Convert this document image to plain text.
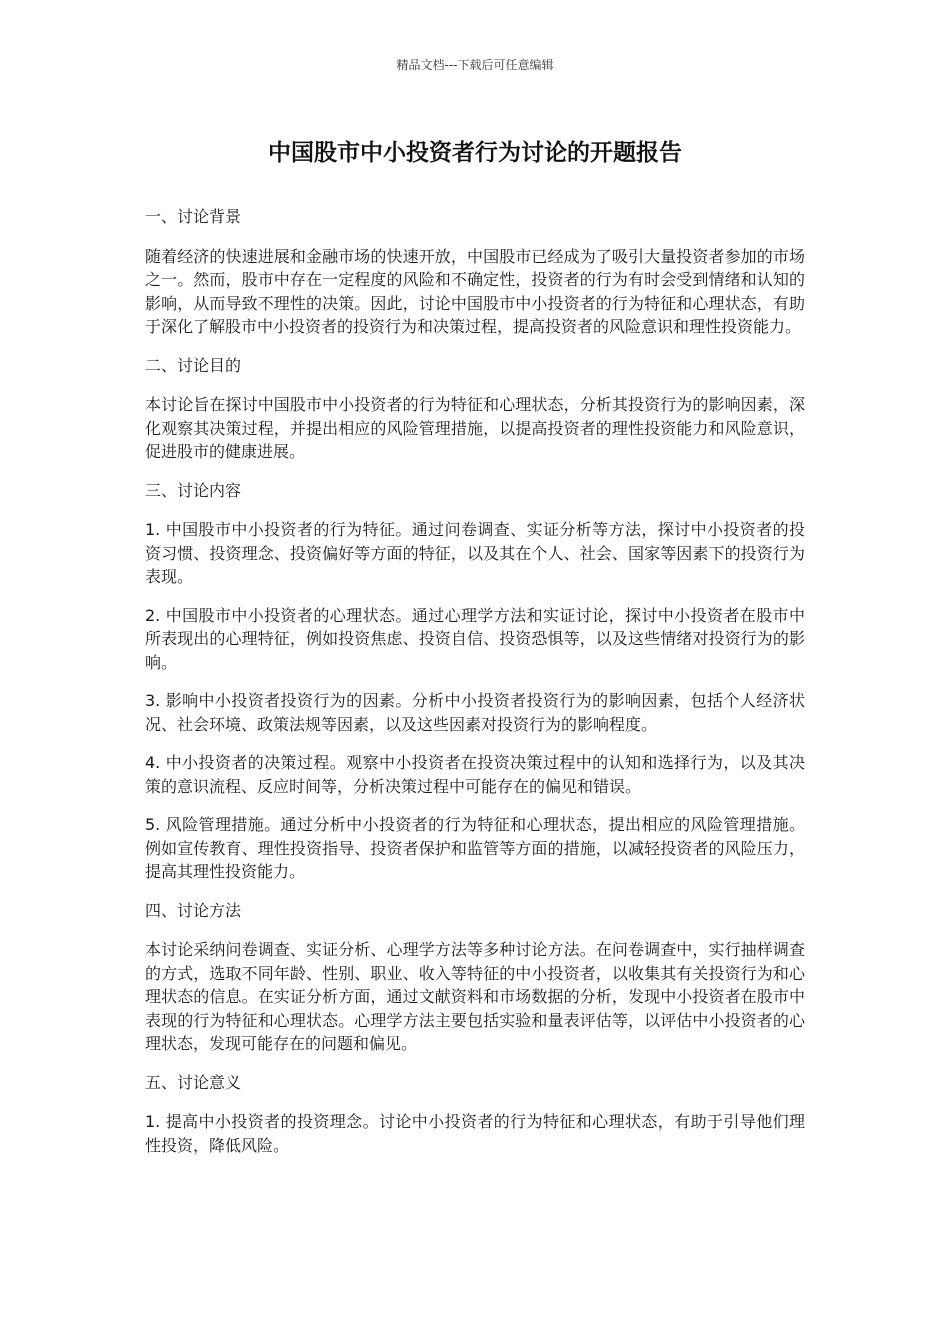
精品文档---下载后可任意编辑
中国股市中小投资者行为讨论的开题报告

一、讨论背景

随着经济的快速进展和金融市场的快速开放，中国股市已经成为了吸引大量投资者参加的市场之一。然而，股市中存在一定程度的风险和不确定性，投资者的行为有时会受到情绪和认知的影响，从而导致不理性的决策。因此，讨论中国股市中小投资者的行为特征和心理状态，有助于深化了解股市中小投资者的投资行为和决策过程，提高投资者的风险意识和理性投资能力。

二、讨论目的

本讨论旨在探讨中国股市中小投资者的行为特征和心理状态，分析其投资行为的影响因素，深化观察其决策过程，并提出相应的风险管理措施，以提高投资者的理性投资能力和风险意识，促进股市的健康进展。

三、讨论内容

1. 中国股市中小投资者的行为特征。通过问卷调查、实证分析等方法，探讨中小投资者的投资习惯、投资理念、投资偏好等方面的特征，以及其在个人、社会、国家等因素下的投资行为表现。

2. 中国股市中小投资者的心理状态。通过心理学方法和实证讨论，探讨中小投资者在股市中所表现出的心理特征，例如投资焦虑、投资自信、投资恐惧等，以及这些情绪对投资行为的影响。

3. 影响中小投资者投资行为的因素。分析中小投资者投资行为的影响因素，包括个人经济状况、社会环境、政策法规等因素，以及这些因素对投资行为的影响程度。

4. 中小投资者的决策过程。观察中小投资者在投资决策过程中的认知和选择行为，以及其决策的意识流程、反应时间等，分析决策过程中可能存在的偏见和错误。

5. 风险管理措施。通过分析中小投资者的行为特征和心理状态，提出相应的风险管理措施。例如宣传教育、理性投资指导、投资者保护和监管等方面的措施，以减轻投资者的风险压力，提高其理性投资能力。

四、讨论方法

本讨论采纳问卷调查、实证分析、心理学方法等多种讨论方法。在问卷调查中，实行抽样调查的方式，选取不同年龄、性别、职业、收入等特征的中小投资者，以收集其有关投资行为和心理状态的信息。在实证分析方面，通过文献资料和市场数据的分析，发现中小投资者在股市中表现的行为特征和心理状态。心理学方法主要包括实验和量表评估等，以评估中小投资者的心理状态，发现可能存在的问题和偏见。

五、讨论意义

1. 提高中小投资者的投资理念。讨论中小投资者的行为特征和心理状态，有助于引导他们理性投资，降低风险。
